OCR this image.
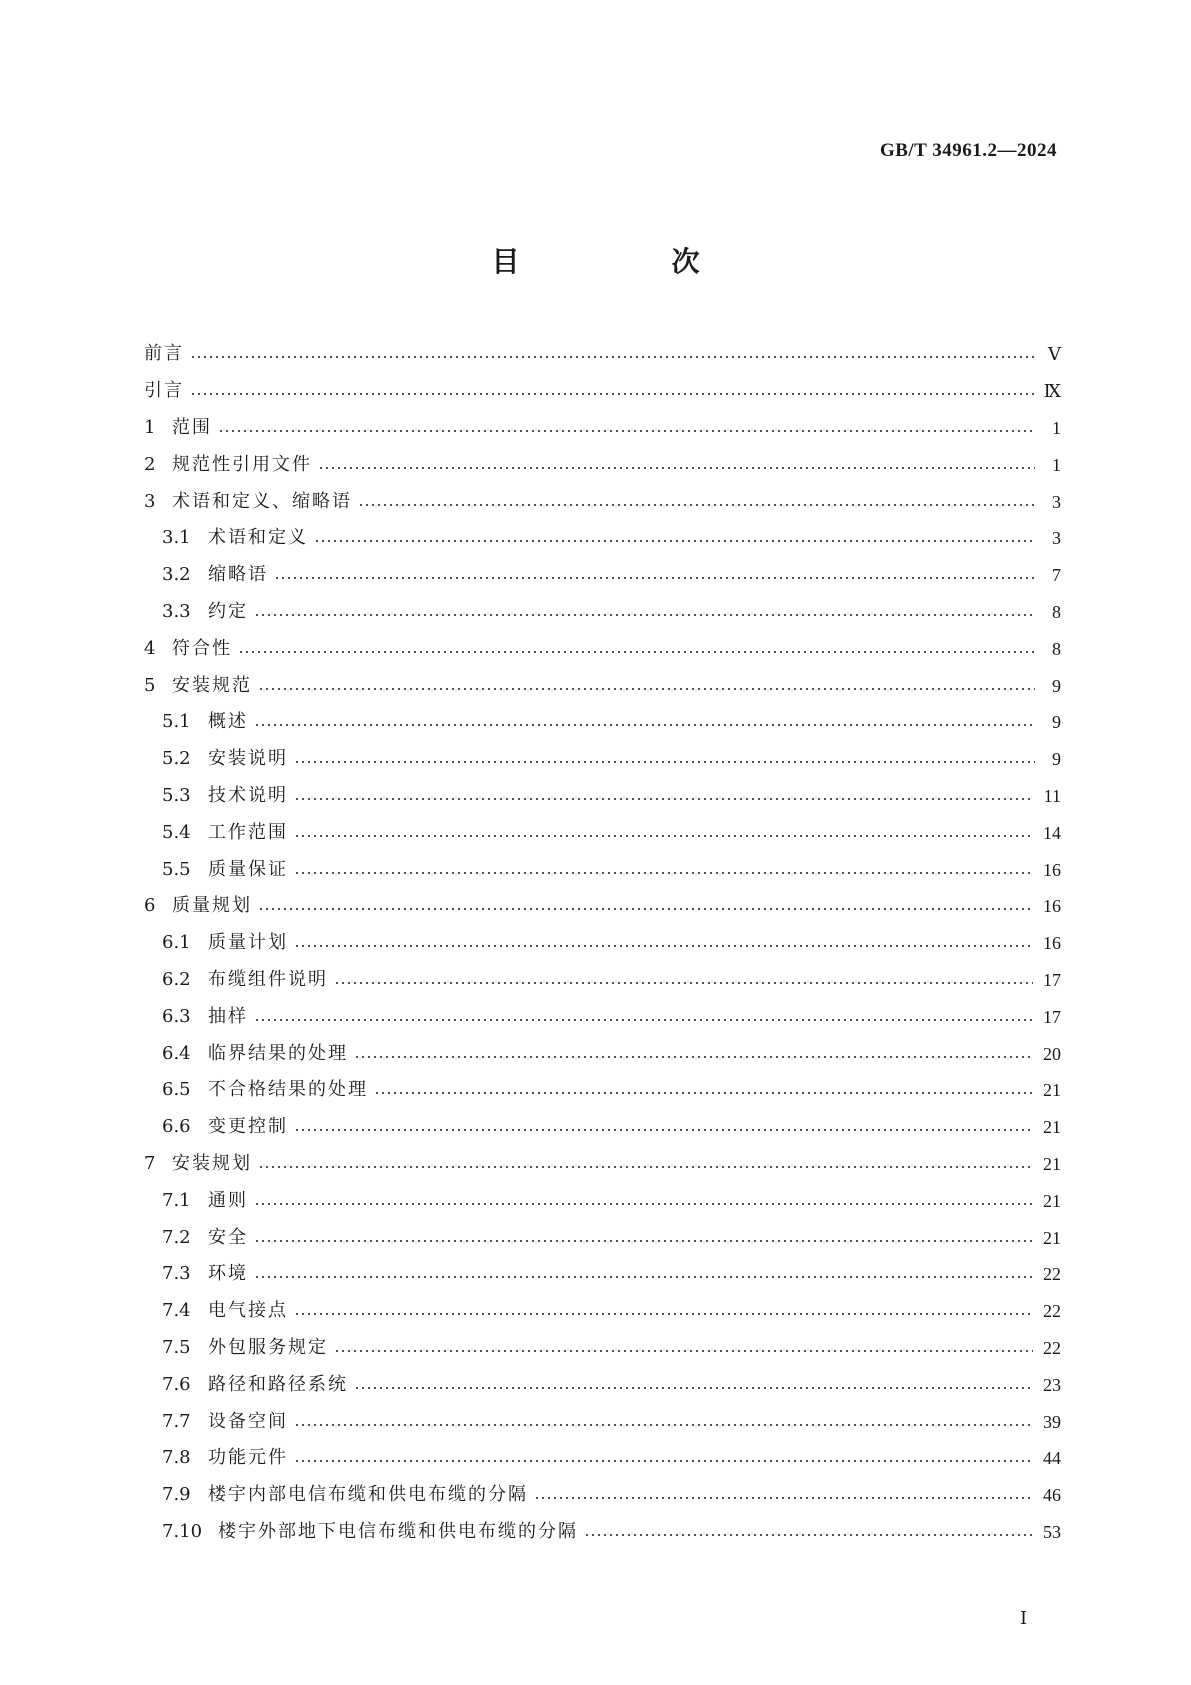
GB/T 34961.2—2024
目　次
前言	Ⅴ
引言	Ⅸ
1 范围	1
2 规范性引用文件	1
3 术语和定义、缩略语	3
3.1 术语和定义	3
3.2 缩略语	7
3.3 约定	8
4 符合性	8
5 安装规范	9
5.1 概述	9
5.2 安装说明	9
5.3 技术说明	11
5.4 工作范围	14
5.5 质量保证	16
6 质量规划	16
6.1 质量计划	16
6.2 布缆组件说明	17
6.3 抽样	17
6.4 临界结果的处理	20
6.5 不合格结果的处理	21
6.6 变更控制	21
7 安装规划	21
7.1 通则	21
7.2 安全	21
7.3 环境	22
7.4 电气接点	22
7.5 外包服务规定	22
7.6 路径和路径系统	23
7.7 设备空间	39
7.8 功能元件	44
7.9 楼宇内部电信布缆和供电布缆的分隔	46
7.10 楼宇外部地下电信布缆和供电布缆的分隔	53
Ⅰ
